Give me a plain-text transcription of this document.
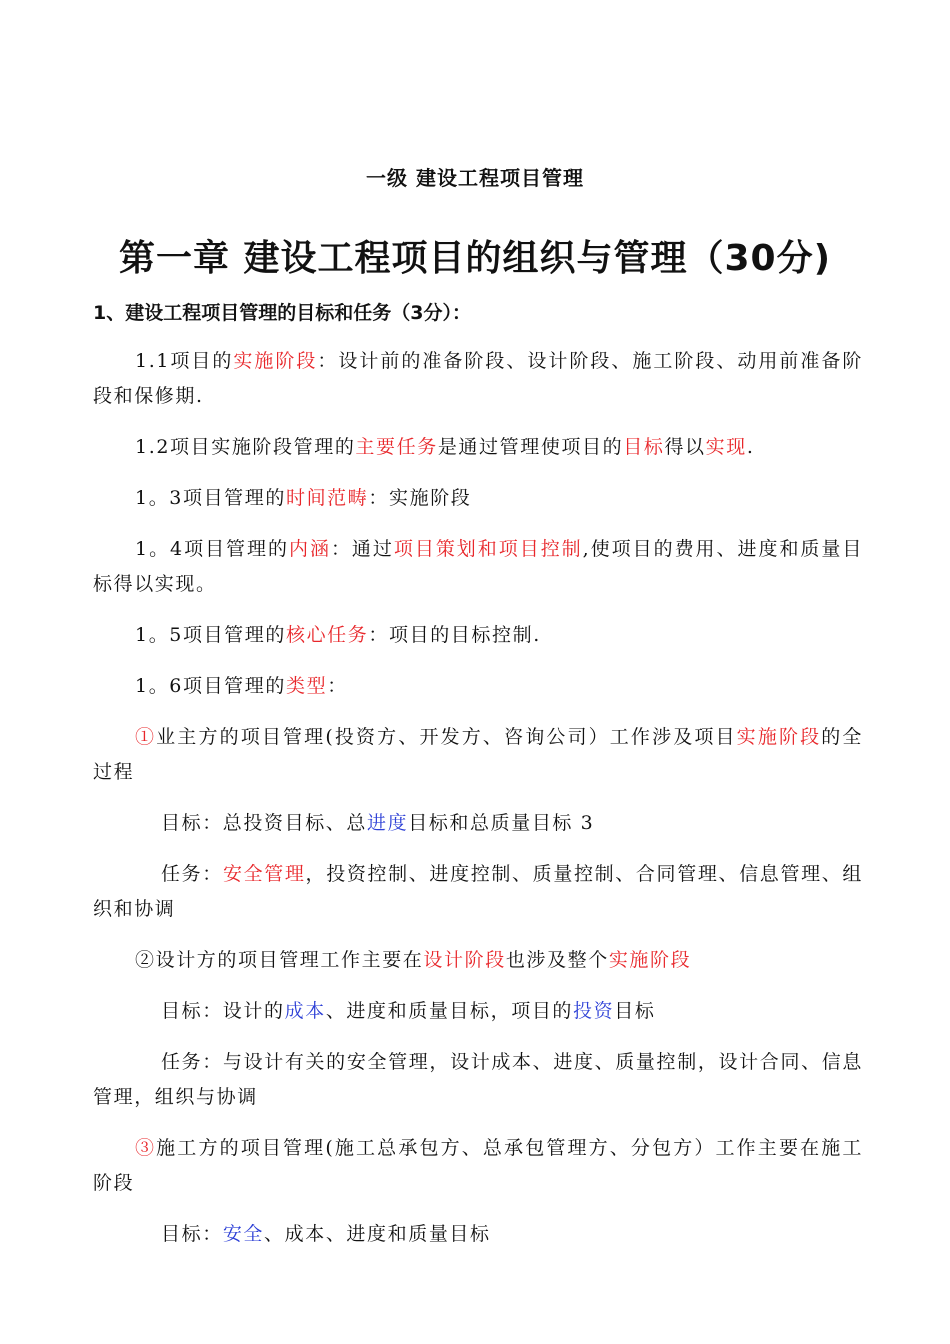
一级 建设工程项目管理
第一章 建设工程项目的组织与管理（30分)
1、建设工程项目管理的目标和任务（3分）：
1.1项目的实施阶段：设计前的准备阶段、设计阶段、施工阶段、动用前准备阶段和保修期.
1.2项目实施阶段管理的主要任务是通过管理使项目的目标得以实现.
1。3项目管理的时间范畴：实施阶段
1。4项目管理的内涵：通过项目策划和项目控制,使项目的费用、进度和质量目标得以实现。
1。5项目管理的核心任务：项目的目标控制.
1。6项目管理的类型：
①业主方的项目管理(投资方、开发方、咨询公司）工作涉及项目实施阶段的全过程
目标：总投资目标、总进度目标和总质量目标 3
任务：安全管理，投资控制、进度控制、质量控制、合同管理、信息管理、组织和协调
②设计方的项目管理工作主要在设计阶段也涉及整个实施阶段
目标：设计的成本、进度和质量目标，项目的投资目标
任务：与设计有关的安全管理，设计成本、进度、质量控制，设计合同、信息管理，组织与协调
③施工方的项目管理(施工总承包方、总承包管理方、分包方）工作主要在施工阶段
目标：安全、成本、进度和质量目标
